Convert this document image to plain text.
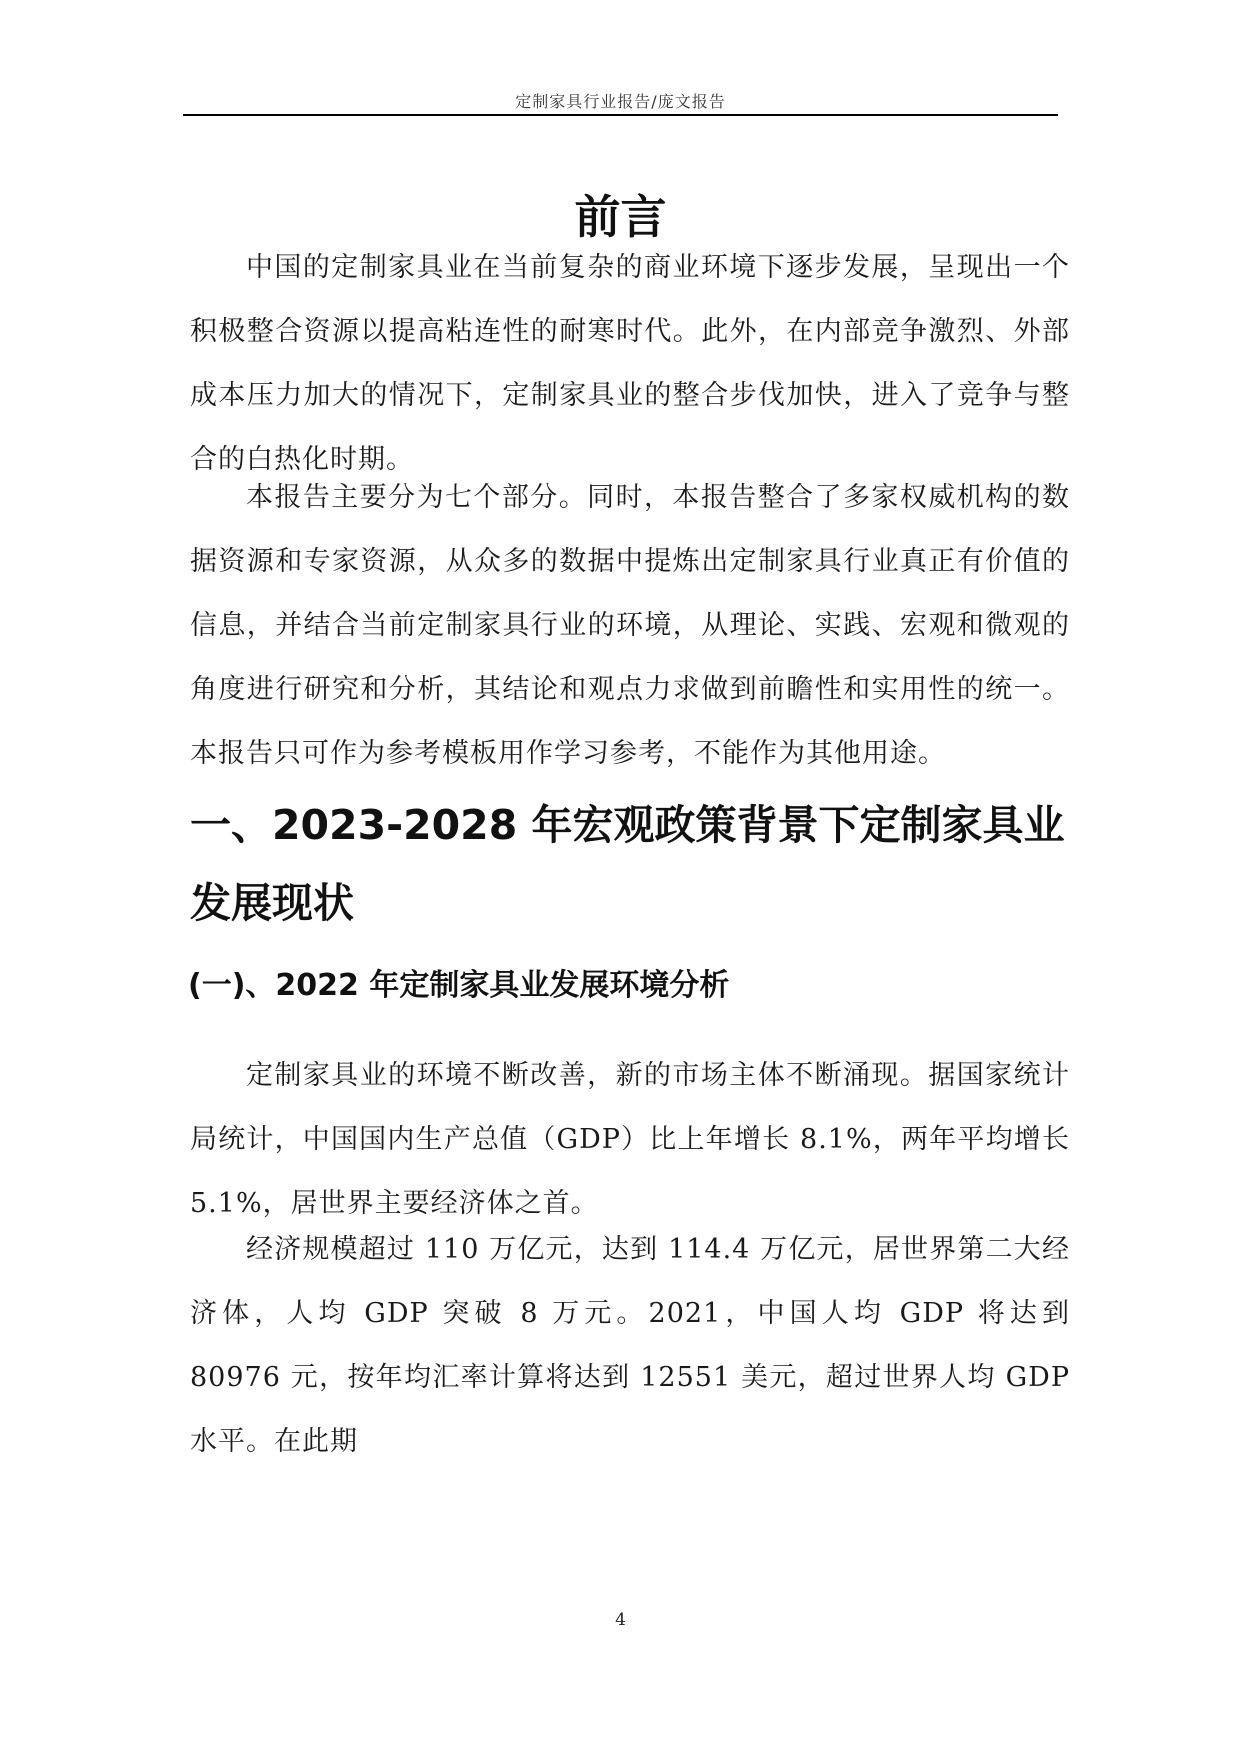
定制家具行业报告/庞文报告
前言

中国的定制家具业在当前复杂的商业环境下逐步发展，呈现出一个积极整合资源以提高粘连性的耐寒时代。此外，在内部竞争激烈、外部成本压力加大的情况下，定制家具业的整合步伐加快，进入了竞争与整合的白热化时期。

本报告主要分为七个部分。同时，本报告整合了多家权威机构的数据资源和专家资源，从众多的数据中提炼出定制家具行业真正有价值的信息，并结合当前定制家具行业的环境，从理论、实践、宏观和微观的角度进行研究和分析，其结论和观点力求做到前瞻性和实用性的统一。本报告只可作为参考模板用作学习参考，不能作为其他用途。

一、2023-2028 年宏观政策背景下定制家具业发展现状
(一)、2022 年定制家具业发展环境分析

定制家具业的环境不断改善，新的市场主体不断涌现。据国家统计局统计，中国国内生产总值（GDP）比上年增长 8.1%，两年平均增长 5.1%，居世界主要经济体之首。

经济规模超过 110 万亿元，达到 114.4 万亿元，居世界第二大经济体，人均 GDP 突破 8 万元。2021，中国人均 GDP 将达到 80976 元，按年均汇率计算将达到 12551 美元，超过世界人均 GDP 水平。在此期

4
